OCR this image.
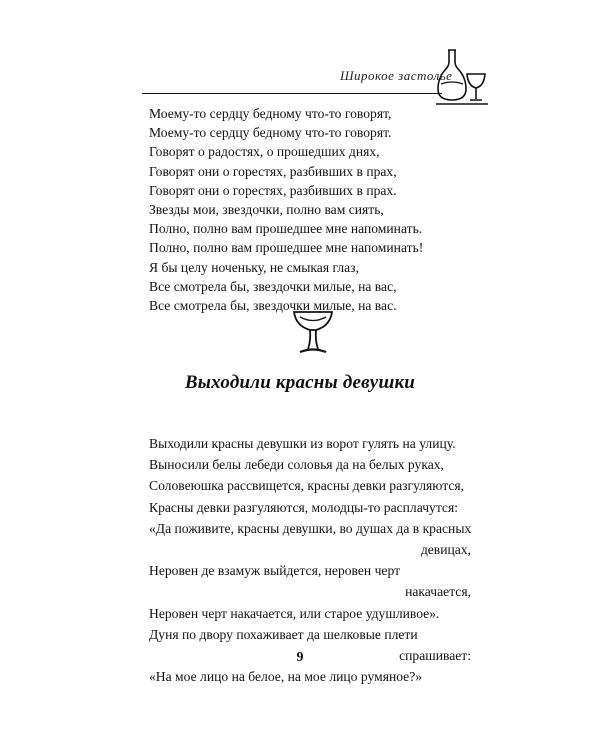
Широкое застолье
Моему-то сердцу бедному что-то говорят,
Моему-то сердцу бедному что-то говорят.
Говорят о радостях, о прошедших днях,
Говорят они о горестях, разбивших в прах,
Говорят они о горестях, разбивших в прах.
Звезды мои, звездочки, полно вам сиять,
Полно, полно вам прошедшее мне напоминать.
Полно, полно вам прошедшее мне напоминать!
Я бы целу ноченьку, не смыкая глаз,
Все смотрела бы, звездочки милые, на вас,
Все смотрела бы, звездочки милые, на вас.
Выходили красны девушки
Выходили красны девушки из ворот гулять на улицу.
Выносили белы лебеди соловья да на белых руках,
Соловеюшка рассвищется, красны девки разгуляются,
Красны девки разгуляются, молодцы-то расплачутся:
«Да поживите, красны девушки, во душах да в красных
девицах,
Неровен де взамуж выйдется, неровен черт
накачается,
Неровен черт накачается, или старое удушливое».
Дуня по двору похаживает да шелковые плети
спрашивает:
«На мое лицо на белое, на мое лицо румяное?»
9
